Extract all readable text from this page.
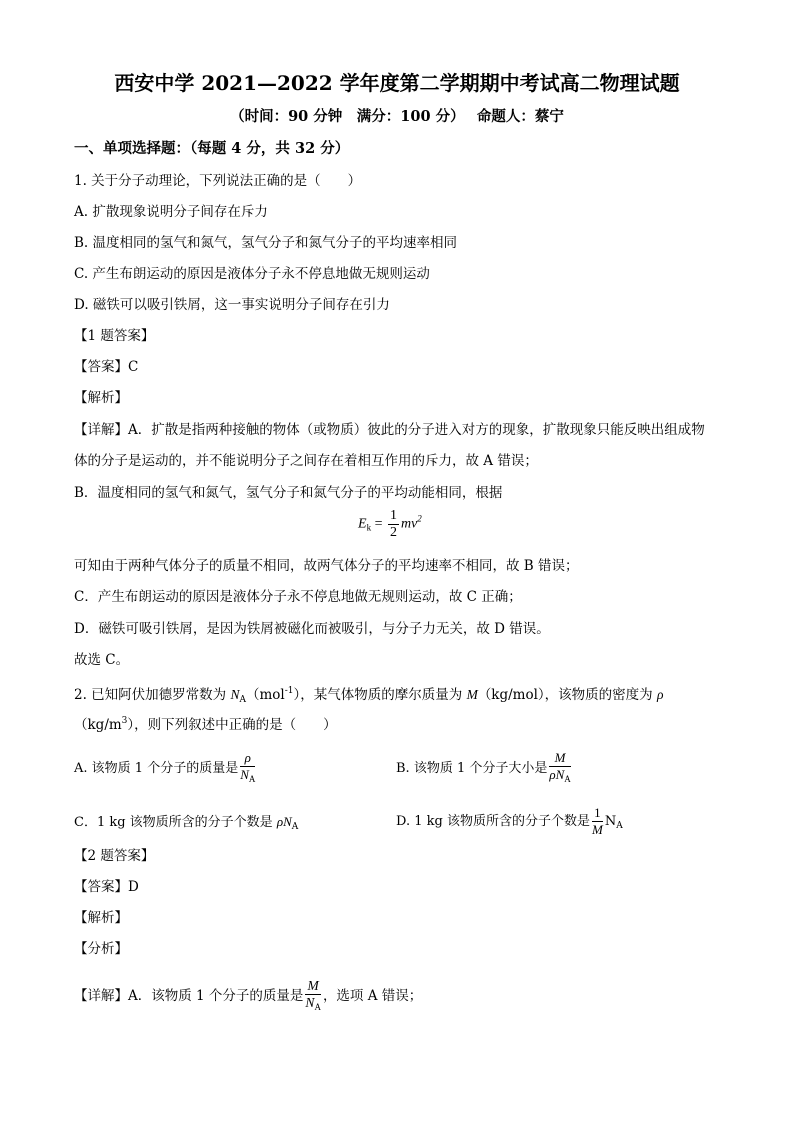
西安中学 2021—2022 学年度第二学期期中考试高二物理试题
（时间：90 分钟　满分：100 分）　 命题人：蔡宁
一、单项选择题：（每题 4 分，共 32 分）
1. 关于分子动理论，下列说法正确的是（　　）
A. 扩散现象说明分子间存在斥力
B. 温度相同的氢气和氮气，氢气分子和氮气分子的平均速率相同
C. 产生布朗运动的原因是液体分子永不停息地做无规则运动
D. 磁铁可以吸引铁屑，这一事实说明分子间存在引力
【1 题答案】
【答案】C
【解析】
【详解】A．扩散是指两种接触的物体（或物质）彼此的分子进入对方的现象，扩散现象只能反映出组成物
体的分子是运动的，并不能说明分子之间存在着相互作用的斥力，故 A 错误；
B．温度相同的氢气和氮气，氢气分子和氮气分子的平均动能相同，根据
$E_k = \frac{1}{2} mv^2$
可知由于两种气体分子的质量不相同，故两气体分子的平均速率不相同，故 B 错误；
C．产生布朗运动的原因是液体分子永不停息地做无规则运动，故 C 正确；
D．磁铁可吸引铁屑，是因为铁屑被磁化而被吸引，与分子力无关，故 D 错误。
故选 C。
2. 已知阿伏加德罗常数为 $N_A(mol^{-1})$，某气体物质的摩尔质量为 M（kg/mol），该物质的密度为 ρ
$(kg/m^3)$，则下列叙述中正确的是（　　）
A. 该物质 1 个分子的质量是 $\frac{\rho}{N_A}$	B. 该物质 1 个分子大小是 $\frac{M}{\rho N_A}$
C．1 kg 该物质所含的分子个数是 $\rho N_A$	D. 1 kg 该物质所含的分子个数是 $\frac{1}{M} N_A$
【2 题答案】
【答案】D
【解析】
【分析】
【详解】A．该物质 1 个分子的质量是 $\frac{M}{N_A}$ ，选项 A 错误；
